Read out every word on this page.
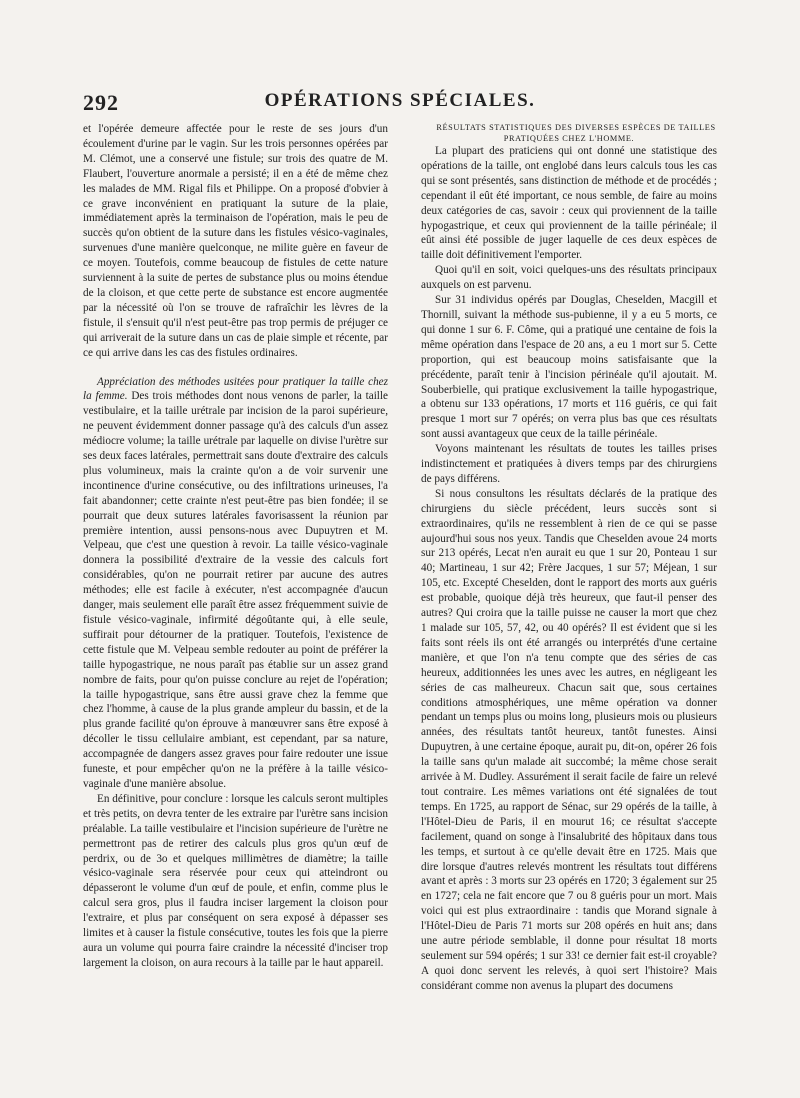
292	OPÉRATIONS SPÉCIALES.

et l'opérée demeure affectée pour le reste de ses jours d'un écoulement d'urine par le vagin. Sur les trois personnes opérées par M. Clémot, une a conservé une fistule; sur trois des quatre de M. Flaubert, l'ouverture anormale a persisté; il en a été de même chez les malades de MM. Rigal fils et Philippe. On a proposé d'obvier à ce grave inconvénient en pratiquant la suture de la plaie, immédiatement après la terminaison de l'opération, mais le peu de succès qu'on obtient de la suture dans les fistules vésico-vaginales, survenues d'une manière quelconque, ne milite guère en faveur de ce moyen. Toutefois, comme beaucoup de fistules de cette nature surviennent à la suite de pertes de substance plus ou moins étendue de la cloison, et que cette perte de substance est encore augmentée par la nécessité où l'on se trouve de rafraîchir les lèvres de la fistule, il s'ensuit qu'il n'est peut-être pas trop permis de préjuger ce qui arriverait de la suture dans un cas de plaie simple et récente, par ce qui arrive dans les cas des fistules ordinaires.

Appréciation des méthodes usitées pour pratiquer la taille chez la femme. Des trois méthodes dont nous venons de parler, la taille vestibulaire, et la taille urétrale par incision de la paroi supérieure, ne peuvent évidemment donner passage qu'à des calculs d'un assez médiocre volume; la taille urétrale par laquelle on divise l'urètre sur ses deux faces latérales, permettrait sans doute d'extraire des calculs plus volumineux, mais la crainte qu'on a de voir survenir une incontinence d'urine consécutive, ou des infiltrations urineuses, l'a fait abandonner; cette crainte n'est peut-être pas bien fondée; il se pourrait que deux sutures latérales favorisassent la réunion par première intention, aussi pensons-nous avec Dupuytren et M. Velpeau, que c'est une question à revoir. La taille vésico-vaginale donnera la possibilité d'extraire de la vessie des calculs fort considérables, qu'on ne pourrait retirer par aucune des autres méthodes; elle est facile à exécuter, n'est accompagnée d'aucun danger, mais seulement elle paraît être assez fréquemment suivie de fistule vésico-vaginale, infirmité dégoûtante qui, à elle seule, suffirait pour détourner de la pratiquer. Toutefois, l'existence de cette fistule que M. Velpeau semble redouter au point de préférer la taille hypogastrique, ne nous paraît pas établie sur un assez grand nombre de faits, pour qu'on puisse conclure au rejet de l'opération; la taille hypogastrique, sans être aussi grave chez la femme que chez l'homme, à cause de la plus grande ampleur du bassin, et de la plus grande facilité qu'on éprouve à manœuvrer sans être exposé à décoller le tissu cellulaire ambiant, est cependant, par sa nature, accompagnée de dangers assez graves pour faire redouter une issue funeste, et pour empêcher qu'on ne la préfère à la taille vésico-vaginale d'une manière absolue.

En définitive, pour conclure : lorsque les calculs seront multiples et très petits, on devra tenter de les extraire par l'urètre sans incision préalable. La taille vestibulaire et l'incision supérieure de l'urètre ne permettront pas de retirer des calculs plus gros qu'un œuf de perdrix, ou de 3o et quelques millimètres de diamètre; la taille vésico-vaginale sera réservée pour ceux qui atteindront ou dépasseront le volume d'un œuf de poule, et enfin, comme plus le calcul sera gros, plus il faudra inciser largement la cloison pour l'extraire, et plus par conséquent on sera exposé à dépasser ses limites et à causer la fistule consécutive, toutes les fois que la pierre aura un volume qui pourra faire craindre la nécessité d'inciser trop largement la cloison, on aura recours à la taille par le haut appareil.

RÉSULTATS STATISTIQUES DES DIVERSES ESPÈCES DE TAILLES PRATIQUÉES CHEZ L'HOMME.

La plupart des praticiens qui ont donné une statistique des opérations de la taille, ont englobé dans leurs calculs tous les cas qui se sont présentés, sans distinction de méthode et de procédés ; cependant il eût été important, ce nous semble, de faire au moins deux catégories de cas, savoir : ceux qui proviennent de la taille hypogastrique, et ceux qui proviennent de la taille périnéale; il eût ainsi été possible de juger laquelle de ces deux espèces de taille doit définitivement l'emporter.

Quoi qu'il en soit, voici quelques-uns des résultats principaux auxquels on est parvenu.

Sur 31 individus opérés par Douglas, Cheselden, Macgill et Thornill, suivant la méthode sus-pubienne, il y a eu 5 morts, ce qui donne 1 sur 6. F. Côme, qui a pratiqué une centaine de fois la même opération dans l'espace de 20 ans, a eu 1 mort sur 5. Cette proportion, qui est beaucoup moins satisfaisante que la précédente, paraît tenir à l'incision périnéale qu'il ajoutait. M. Souberbielle, qui pratique exclusivement la taille hypogastrique, a obtenu sur 133 opérations, 17 morts et 116 guéris, ce qui fait presque 1 mort sur 7 opérés; on verra plus bas que ces résultats sont aussi avantageux que ceux de la taille périnéale.

Voyons maintenant les résultats de toutes les tailles prises indistinctement et pratiquées à divers temps par des chirurgiens de pays différens.

Si nous consultons les résultats déclarés de la pratique des chirurgiens du siècle précédent, leurs succès sont si extraordinaires, qu'ils ne ressemblent à rien de ce qui se passe aujourd'hui sous nos yeux. Tandis que Cheselden avoue 24 morts sur 213 opérés, Lecat n'en aurait eu que 1 sur 20, Ponteau 1 sur 40; Martineau, 1 sur 42; Frère Jacques, 1 sur 57; Méjean, 1 sur 105, etc. Excepté Cheselden, dont le rapport des morts aux guéris est probable, quoique déjà très heureux, que faut-il penser des autres? Qui croira que la taille puisse ne causer la mort que chez 1 malade sur 105, 57, 42, ou 40 opérés? Il est évident que si les faits sont réels ils ont été arrangés ou interprétés d'une certaine manière, et que l'on n'a tenu compte que des séries de cas heureux, additionnées les unes avec les autres, en négligeant les séries de cas malheureux. Chacun sait que, sous certaines conditions atmosphériques, une même opération va donner pendant un temps plus ou moins long, plusieurs mois ou plusieurs années, des résultats tantôt heureux, tantôt funestes. Ainsi Dupuytren, à une certaine époque, aurait pu, dit-on, opérer 26 fois la taille sans qu'un malade ait succombé; la même chose serait arrivée à M. Dudley. Assurément il serait facile de faire un relevé tout contraire. Les mêmes variations ont été signalées de tout temps. En 1725, au rapport de Sénac, sur 29 opérés de la taille, à l'Hôtel-Dieu de Paris, il en mourut 16; ce résultat s'accepte facilement, quand on songe à l'insalubrité des hôpitaux dans tous les temps, et surtout à ce qu'elle devait être en 1725. Mais que dire lorsque d'autres relevés montrent les résultats tout différens avant et après : 3 morts sur 23 opérés en 1720; 3 également sur 25 en 1727; cela ne fait encore que 7 ou 8 guéris pour un mort. Mais voici qui est plus extraordinaire : tandis que Morand signale à l'Hôtel-Dieu de Paris 71 morts sur 208 opérés en huit ans; dans une autre période semblable, il donne pour résultat 18 morts seulement sur 594 opérés; 1 sur 33! ce dernier fait est-il croyable? A quoi donc servent les relevés, à quoi sert l'histoire? Mais considérant comme non avenus la plupart des documens
